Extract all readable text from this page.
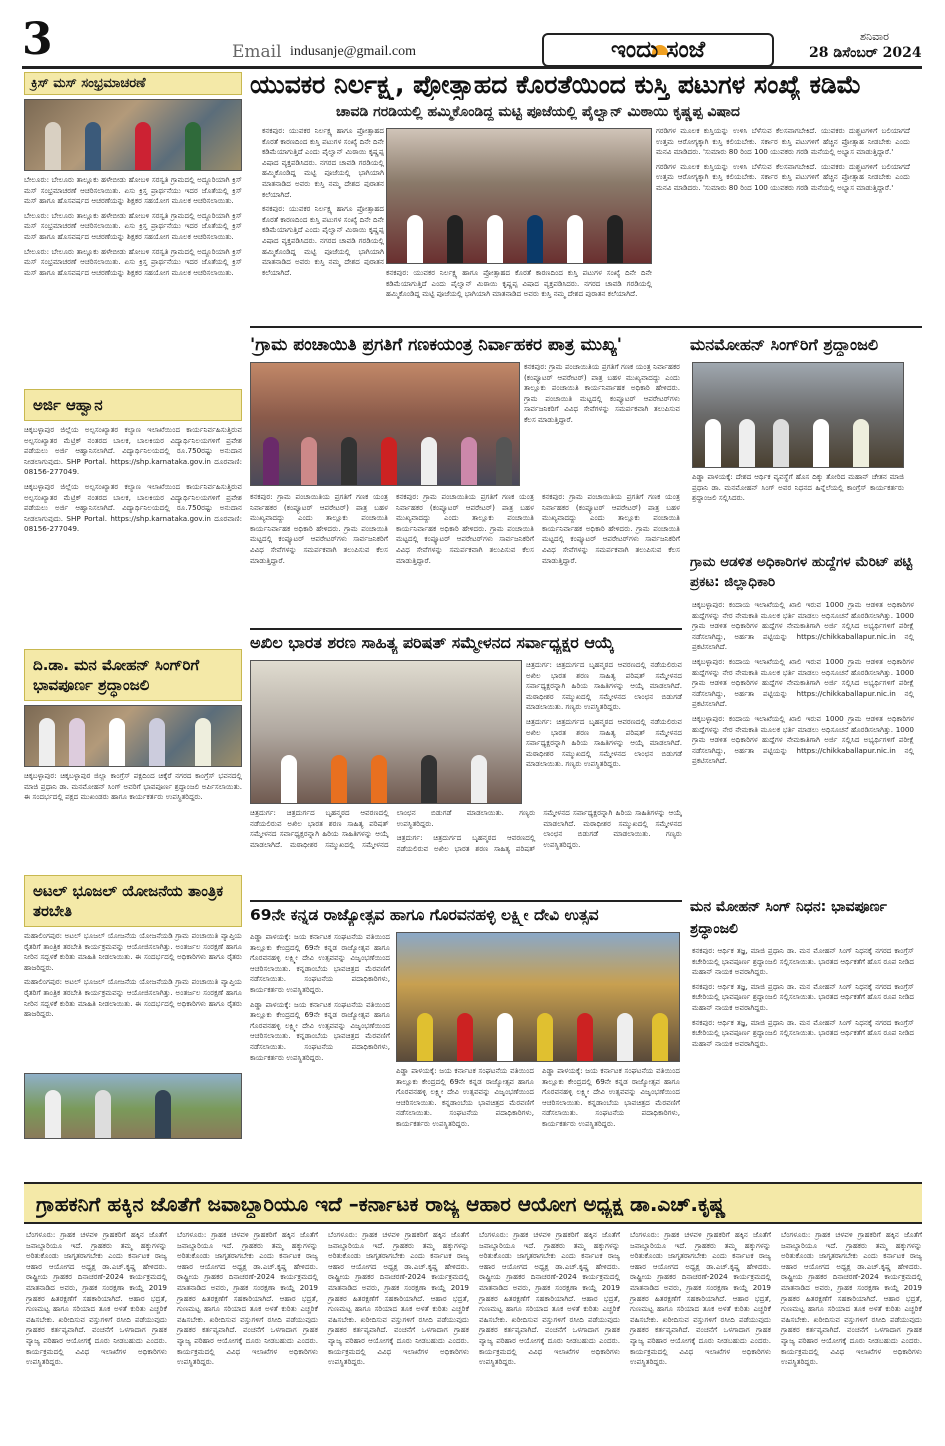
3	Email indusanje@gmail.com	ಇಂದು ಸಂಜೆ
ಶನಿವಾರ
28 ಡಿಸೆಂಬರ್ 2024
ಕ್ರಿಸ್ ಮಸ್ ಸಂಭ್ರಮಾಚರಣೆ

ಬೇಲೂರು: ಬೇಲೂರು ತಾಲ್ಲೂಕು ಹಳೇಬೀಡು ಹೋಬಳಿ ಸರಸ್ವತಿ ಗ್ರಾಮದಲ್ಲಿ ಅದ್ದೂರಿಯಾಗಿ ಕ್ರಿಸ್ ಮಸ್ ಸಂಭ್ರಮಾಚರಣೆ ಆಚರಿಸಲಾಯಿತು. ಏಸು ಕ್ರಿಸ್ತ ಪ್ರಾರ್ಥನೆಯು ಇದರ ಜೊತೆಯಲ್ಲಿ ಕ್ರಿಸ್ ಮಸ್ ಹಾಗೂ ಹೊಸವರ್ಷದ ಆಚರಣೆಯನ್ನು ಶಿಕ್ಷಕರ ಸಹಯೋಗ ಮೂಲಕ ಆಚರಿಸಲಾಯಿತು.

ಬೇಲೂರು: ಬೇಲೂರು ತಾಲ್ಲೂಕು ಹಳೇಬೀಡು ಹೋಬಳಿ ಸರಸ್ವತಿ ಗ್ರಾಮದಲ್ಲಿ ಅದ್ದೂರಿಯಾಗಿ ಕ್ರಿಸ್ ಮಸ್ ಸಂಭ್ರಮಾಚರಣೆ ಆಚರಿಸಲಾಯಿತು. ಏಸು ಕ್ರಿಸ್ತ ಪ್ರಾರ್ಥನೆಯು ಇದರ ಜೊತೆಯಲ್ಲಿ ಕ್ರಿಸ್ ಮಸ್ ಹಾಗೂ ಹೊಸವರ್ಷದ ಆಚರಣೆಯನ್ನು ಶಿಕ್ಷಕರ ಸಹಯೋಗ ಮೂಲಕ ಆಚರಿಸಲಾಯಿತು.

ಬೇಲೂರು: ಬೇಲೂರು ತಾಲ್ಲೂಕು ಹಳೇಬೀಡು ಹೋಬಳಿ ಸರಸ್ವತಿ ಗ್ರಾಮದಲ್ಲಿ ಅದ್ದೂರಿಯಾಗಿ ಕ್ರಿಸ್ ಮಸ್ ಸಂಭ್ರಮಾಚರಣೆ ಆಚರಿಸಲಾಯಿತು. ಏಸು ಕ್ರಿಸ್ತ ಪ್ರಾರ್ಥನೆಯು ಇದರ ಜೊತೆಯಲ್ಲಿ ಕ್ರಿಸ್ ಮಸ್ ಹಾಗೂ ಹೊಸವರ್ಷದ ಆಚರಣೆಯನ್ನು ಶಿಕ್ಷಕರ ಸಹಯೋಗ ಮೂಲಕ ಆಚರಿಸಲಾಯಿತು.

ಅರ್ಜಿ ಆಹ್ವಾನ

ಚಿಕ್ಕಬಳ್ಳಾಪುರ ಜಿಲ್ಲೆಯ ಅಲ್ಪಸಂಖ್ಯಾತರ ಕಲ್ಯಾಣ ಇಲಾಖೆಯಿಂದ ಕಾರ್ಯನಿರ್ವಹಿಸುತ್ತಿರುವ ಅಲ್ಪಸಂಖ್ಯಾತರ ಮೆಟ್ರಿಕ್ ನಂತರದ ಬಾಲಕ, ಬಾಲಕಿಯರ ವಿದ್ಯಾರ್ಥಿನಿಲಯಗಳಿಗೆ ಪ್ರವೇಶ ಪಡೆಯಲು ಅರ್ಜಿ ಆಹ್ವಾನಿಸಲಾಗಿದೆ. ವಿದ್ಯಾರ್ಥಿನಿಲಯದಲ್ಲಿ ರೂ.750ರಷ್ಟು ಅನುದಾನ ನೀಡಲಾಗುವುದು. SHP Portal. https://shp.karnataka.gov.in ದೂರವಾಣಿ: 08156-277049.

ಚಿಕ್ಕಬಳ್ಳಾಪುರ ಜಿಲ್ಲೆಯ ಅಲ್ಪಸಂಖ್ಯಾತರ ಕಲ್ಯಾಣ ಇಲಾಖೆಯಿಂದ ಕಾರ್ಯನಿರ್ವಹಿಸುತ್ತಿರುವ ಅಲ್ಪಸಂಖ್ಯಾತರ ಮೆಟ್ರಿಕ್ ನಂತರದ ಬಾಲಕ, ಬಾಲಕಿಯರ ವಿದ್ಯಾರ್ಥಿನಿಲಯಗಳಿಗೆ ಪ್ರವೇಶ ಪಡೆಯಲು ಅರ್ಜಿ ಆಹ್ವಾನಿಸಲಾಗಿದೆ. ವಿದ್ಯಾರ್ಥಿನಿಲಯದಲ್ಲಿ ರೂ.750ರಷ್ಟು ಅನುದಾನ ನೀಡಲಾಗುವುದು. SHP Portal. https://shp.karnataka.gov.in ದೂರವಾಣಿ: 08156-277049.

ದಿ.ಡಾ. ಮನ ಮೋಹನ್ ಸಿಂಗ್‌ರಿಗೆ ಭಾವಪೂರ್ಣ ಶ್ರದ್ಧಾಂಜಲಿ

ಚಿಕ್ಕಬಳ್ಳಾಪುರ: ಚಿಕ್ಕಬಳ್ಳಾಪುರ ಜಿಲ್ಲಾ ಕಾಂಗ್ರೆಸ್ ಪಕ್ಷದಿಂದ ಚಿಕ್ಕೆರೆ ನಗರದ ಕಾಂಗ್ರೆಸ್ ಭವನದಲ್ಲಿ ಮಾಜಿ ಪ್ರಧಾನಿ ಡಾ. ಮನಮೋಹನ್ ಸಿಂಗ್ ಅವರಿಗೆ ಭಾವಪೂರ್ಣ ಶ್ರದ್ಧಾಂಜಲಿ ಅರ್ಪಿಸಲಾಯಿತು. ಈ ಸಂದರ್ಭದಲ್ಲಿ ಪಕ್ಷದ ಮುಖಂಡರು ಹಾಗೂ ಕಾರ್ಯಕರ್ತರು ಉಪಸ್ಥಿತರಿದ್ದರು.

ಅಟಲ್ ಭೂಜಲ್ ಯೋಜನೆಯ ತಾಂತ್ರಿಕ ತರಬೇತಿ

ಮಹಾಲಿಂಗಪುರ: ಅಟಲ್ ಭೂಜಲ್ ಯೋಜನೆಯ ಯೋಜನೆಯಡಿ ಗ್ರಾಮ ಪಂಚಾಯಿತಿ ವ್ಯಾಪ್ತಿಯ ರೈತರಿಗೆ ತಾಂತ್ರಿಕ ತರಬೇತಿ ಕಾರ್ಯಕ್ರಮವನ್ನು ಆಯೋಜಿಸಲಾಗಿತ್ತು. ಅಂತರ್ಜಲ ಸಂರಕ್ಷಣೆ ಹಾಗೂ ನೀರಿನ ಸದ್ಬಳಕೆ ಕುರಿತು ಮಾಹಿತಿ ನೀಡಲಾಯಿತು. ಈ ಸಂದರ್ಭದಲ್ಲಿ ಅಧಿಕಾರಿಗಳು ಹಾಗೂ ರೈತರು ಹಾಜರಿದ್ದರು.

ಮಹಾಲಿಂಗಪುರ: ಅಟಲ್ ಭೂಜಲ್ ಯೋಜನೆಯ ಯೋಜನೆಯಡಿ ಗ್ರಾಮ ಪಂಚಾಯಿತಿ ವ್ಯಾಪ್ತಿಯ ರೈತರಿಗೆ ತಾಂತ್ರಿಕ ತರಬೇತಿ ಕಾರ್ಯಕ್ರಮವನ್ನು ಆಯೋಜಿಸಲಾಗಿತ್ತು. ಅಂತರ್ಜಲ ಸಂರಕ್ಷಣೆ ಹಾಗೂ ನೀರಿನ ಸದ್ಬಳಕೆ ಕುರಿತು ಮಾಹಿತಿ ನೀಡಲಾಯಿತು. ಈ ಸಂದರ್ಭದಲ್ಲಿ ಅಧಿಕಾರಿಗಳು ಹಾಗೂ ರೈತರು ಹಾಜರಿದ್ದರು.

ಯುವಕರ ನಿರ್ಲಕ್ಷ್ಯ, ಪ್ರೋತ್ಸಾಹದ ಕೊರತೆಯಿಂದ ಕುಸ್ತಿ ಪಟುಗಳ ಸಂಖ್ಯೆ ಕಡಿಮೆ
ಚಾವಡಿ ಗರಡಿಯಲ್ಲಿ ಹಮ್ಮಿಕೊಂಡಿದ್ದ ಮಟ್ಟಿ ಪೂಜೆಯಲ್ಲಿ ಪೈಲ್ವಾನ್ ಮಿಠಾಯಿ ಕೃಷ್ಣಪ್ಪ ವಿಷಾದ

ಕನಕಪುರ: ಯುವಕರ ನಿರ್ಲಕ್ಷ್ಯ ಹಾಗೂ ಪ್ರೋತ್ಸಾಹದ ಕೊರತೆ ಕಾರಣದಿಂದ ಕುಸ್ತಿ ಪಟುಗಳ ಸಂಖ್ಯೆ ದಿನೇ ದಿನೇ ಕಡಿಮೆಯಾಗುತ್ತಿದೆ ಎಂದು ಪೈಲ್ವಾನ್ ಮಿಠಾಯಿ ಕೃಷ್ಣಪ್ಪ ವಿಷಾದ ವ್ಯಕ್ತಪಡಿಸಿದರು. ನಗರದ ಚಾವಡಿ ಗರಡಿಯಲ್ಲಿ ಹಮ್ಮಿಕೊಂಡಿದ್ದ ಮಟ್ಟಿ ಪೂಜೆಯಲ್ಲಿ ಭಾಗಿಯಾಗಿ ಮಾತನಾಡಿದ ಅವರು ಕುಸ್ತಿ ನಮ್ಮ ದೇಶದ ಪುರಾತನ ಕಲೆಯಾಗಿದೆ.

ಕನಕಪುರ: ಯುವಕರ ನಿರ್ಲಕ್ಷ್ಯ ಹಾಗೂ ಪ್ರೋತ್ಸಾಹದ ಕೊರತೆ ಕಾರಣದಿಂದ ಕುಸ್ತಿ ಪಟುಗಳ ಸಂಖ್ಯೆ ದಿನೇ ದಿನೇ ಕಡಿಮೆಯಾಗುತ್ತಿದೆ ಎಂದು ಪೈಲ್ವಾನ್ ಮಿಠಾಯಿ ಕೃಷ್ಣಪ್ಪ ವಿಷಾದ ವ್ಯಕ್ತಪಡಿಸಿದರು. ನಗರದ ಚಾವಡಿ ಗರಡಿಯಲ್ಲಿ ಹಮ್ಮಿಕೊಂಡಿದ್ದ ಮಟ್ಟಿ ಪೂಜೆಯಲ್ಲಿ ಭಾಗಿಯಾಗಿ ಮಾತನಾಡಿದ ಅವರು ಕುಸ್ತಿ ನಮ್ಮ ದೇಶದ ಪುರಾತನ ಕಲೆಯಾಗಿದೆ.	ಕನಕಪುರ: ಯುವಕರ ನಿರ್ಲಕ್ಷ್ಯ ಹಾಗೂ ಪ್ರೋತ್ಸಾಹದ ಕೊರತೆ ಕಾರಣದಿಂದ ಕುಸ್ತಿ ಪಟುಗಳ ಸಂಖ್ಯೆ ದಿನೇ ದಿನೇ ಕಡಿಮೆಯಾಗುತ್ತಿದೆ ಎಂದು ಪೈಲ್ವಾನ್ ಮಿಠಾಯಿ ಕೃಷ್ಣಪ್ಪ ವಿಷಾದ ವ್ಯಕ್ತಪಡಿಸಿದರು. ನಗರದ ಚಾವಡಿ ಗರಡಿಯಲ್ಲಿ ಹಮ್ಮಿಕೊಂಡಿದ್ದ ಮಟ್ಟಿ ಪೂಜೆಯಲ್ಲಿ ಭಾಗಿಯಾಗಿ ಮಾತನಾಡಿದ ಅವರು ಕುಸ್ತಿ ನಮ್ಮ ದೇಶದ ಪುರಾತನ ಕಲೆಯಾಗಿದೆ.

ಗರಡಿಗಳ ಮೂಲಕ ಕುಸ್ತಿಯನ್ನು ಉಳಿಸಿ ಬೆಳೆಸುವ ಕೆಲಸವಾಗಬೇಕಿದೆ. ಯುವಕರು ದುಶ್ಚಟಗಳಿಗೆ ಬಲಿಯಾಗದೆ ಉತ್ತಮ ಆರೋಗ್ಯಕ್ಕಾಗಿ ಕುಸ್ತಿ ಕಲಿಯಬೇಕು. ಸರ್ಕಾರ ಕುಸ್ತಿ ಪಟುಗಳಿಗೆ ಹೆಚ್ಚಿನ ಪ್ರೋತ್ಸಾಹ ನೀಡಬೇಕು ಎಂದು ಮನವಿ ಮಾಡಿದರು. 'ಸುಮಾರು 80 ರಿಂದ 100 ಯುವಕರು ಗರಡಿ ಮನೆಯಲ್ಲಿ ಅಭ್ಯಾಸ ಮಾಡುತ್ತಿದ್ದಾರೆ.'

ಗರಡಿಗಳ ಮೂಲಕ ಕುಸ್ತಿಯನ್ನು ಉಳಿಸಿ ಬೆಳೆಸುವ ಕೆಲಸವಾಗಬೇಕಿದೆ. ಯುವಕರು ದುಶ್ಚಟಗಳಿಗೆ ಬಲಿಯಾಗದೆ ಉತ್ತಮ ಆರೋಗ್ಯಕ್ಕಾಗಿ ಕುಸ್ತಿ ಕಲಿಯಬೇಕು. ಸರ್ಕಾರ ಕುಸ್ತಿ ಪಟುಗಳಿಗೆ ಹೆಚ್ಚಿನ ಪ್ರೋತ್ಸಾಹ ನೀಡಬೇಕು ಎಂದು ಮನವಿ ಮಾಡಿದರು. 'ಸುಮಾರು 80 ರಿಂದ 100 ಯುವಕರು ಗರಡಿ ಮನೆಯಲ್ಲಿ ಅಭ್ಯಾಸ ಮಾಡುತ್ತಿದ್ದಾರೆ.'

'ಗ್ರಾಮ ಪಂಚಾಯಿತಿ ಪ್ರಗತಿಗೆ ಗಣಕಯಂತ್ರ ನಿರ್ವಾಹಕರ ಪಾತ್ರ ಮುಖ್ಯ'

ಕನಕಪುರ: ಗ್ರಾಮ ಪಂಚಾಯಿತಿಯ ಪ್ರಗತಿಗೆ ಗಣಕ ಯಂತ್ರ ನಿರ್ವಾಹಕರ (ಕಂಪ್ಯೂಟರ್ ಆಪರೇಟರ್) ಪಾತ್ರ ಬಹಳ ಮುಖ್ಯವಾದದ್ದು ಎಂದು ತಾಲ್ಲೂಕು ಪಂಚಾಯಿತಿ ಕಾರ್ಯನಿರ್ವಾಹಕ ಅಧಿಕಾರಿ ಹೇಳಿದರು. ಗ್ರಾಮ ಪಂಚಾಯಿತಿ ಮಟ್ಟದಲ್ಲಿ ಕಂಪ್ಯೂಟರ್ ಆಪರೇಟರ್‌ಗಳು ಸಾರ್ವಜನಿಕರಿಗೆ ವಿವಿಧ ಸೇವೆಗಳನ್ನು ಸಮರ್ಪಕವಾಗಿ ತಲುಪಿಸುವ ಕೆಲಸ ಮಾಡುತ್ತಿದ್ದಾರೆ.

ಕನಕಪುರ: ಗ್ರಾಮ ಪಂಚಾಯಿತಿಯ ಪ್ರಗತಿಗೆ ಗಣಕ ಯಂತ್ರ ನಿರ್ವಾಹಕರ (ಕಂಪ್ಯೂಟರ್ ಆಪರೇಟರ್) ಪಾತ್ರ ಬಹಳ ಮುಖ್ಯವಾದದ್ದು ಎಂದು ತಾಲ್ಲೂಕು ಪಂಚಾಯಿತಿ ಕಾರ್ಯನಿರ್ವಾಹಕ ಅಧಿಕಾರಿ ಹೇಳಿದರು. ಗ್ರಾಮ ಪಂಚಾಯಿತಿ ಮಟ್ಟದಲ್ಲಿ ಕಂಪ್ಯೂಟರ್ ಆಪರೇಟರ್‌ಗಳು ಸಾರ್ವಜನಿಕರಿಗೆ ವಿವಿಧ ಸೇವೆಗಳನ್ನು ಸಮರ್ಪಕವಾಗಿ ತಲುಪಿಸುವ ಕೆಲಸ ಮಾಡುತ್ತಿದ್ದಾರೆ.

ಕನಕಪುರ: ಗ್ರಾಮ ಪಂಚಾಯಿತಿಯ ಪ್ರಗತಿಗೆ ಗಣಕ ಯಂತ್ರ ನಿರ್ವಾಹಕರ (ಕಂಪ್ಯೂಟರ್ ಆಪರೇಟರ್) ಪಾತ್ರ ಬಹಳ ಮುಖ್ಯವಾದದ್ದು ಎಂದು ತಾಲ್ಲೂಕು ಪಂಚಾಯಿತಿ ಕಾರ್ಯನಿರ್ವಾಹಕ ಅಧಿಕಾರಿ ಹೇಳಿದರು. ಗ್ರಾಮ ಪಂಚಾಯಿತಿ ಮಟ್ಟದಲ್ಲಿ ಕಂಪ್ಯೂಟರ್ ಆಪರೇಟರ್‌ಗಳು ಸಾರ್ವಜನಿಕರಿಗೆ ವಿವಿಧ ಸೇವೆಗಳನ್ನು ಸಮರ್ಪಕವಾಗಿ ತಲುಪಿಸುವ ಕೆಲಸ ಮಾಡುತ್ತಿದ್ದಾರೆ.

ಕನಕಪುರ: ಗ್ರಾಮ ಪಂಚಾಯಿತಿಯ ಪ್ರಗತಿಗೆ ಗಣಕ ಯಂತ್ರ ನಿರ್ವಾಹಕರ (ಕಂಪ್ಯೂಟರ್ ಆಪರೇಟರ್) ಪಾತ್ರ ಬಹಳ ಮುಖ್ಯವಾದದ್ದು ಎಂದು ತಾಲ್ಲೂಕು ಪಂಚಾಯಿತಿ ಕಾರ್ಯನಿರ್ವಾಹಕ ಅಧಿಕಾರಿ ಹೇಳಿದರು. ಗ್ರಾಮ ಪಂಚಾಯಿತಿ ಮಟ್ಟದಲ್ಲಿ ಕಂಪ್ಯೂಟರ್ ಆಪರೇಟರ್‌ಗಳು ಸಾರ್ವಜನಿಕರಿಗೆ ವಿವಿಧ ಸೇವೆಗಳನ್ನು ಸಮರ್ಪಕವಾಗಿ ತಲುಪಿಸುವ ಕೆಲಸ ಮಾಡುತ್ತಿದ್ದಾರೆ.

ಮನಮೋಹನ್ ಸಿಂಗ್‌ರಿಗೆ ಶ್ರದ್ಧಾಂಜಲಿ

ಪಿಡ್ಡಾ ಪಾಳಯಕ್ಕೆ: ದೇಶದ ಆರ್ಥಿಕ ವ್ಯವಸ್ಥೆಗೆ ಹೊಸ ದಿಕ್ಕು ತೋರಿದ ಮಹಾನ್ ಚೇತನ ಮಾಜಿ ಪ್ರಧಾನಿ ಡಾ. ಮನಮೋಹನ್ ಸಿಂಗ್ ಅವರ ನಿಧನದ ಹಿನ್ನೆಲೆಯಲ್ಲಿ ಕಾಂಗ್ರೆಸ್ ಕಾರ್ಯಕರ್ತರು ಶ್ರದ್ಧಾಂಜಲಿ ಸಲ್ಲಿಸಿದರು.

ಗ್ರಾಮ ಆಡಳಿತ ಅಧಿಕಾರಿಗಳ ಹುದ್ದೆಗಳ ಮೆರಿಟ್ ಪಟ್ಟಿ ಪ್ರಕಟ: ಜಿಲ್ಲಾಧಿಕಾರಿ

ಚಿಕ್ಕಬಳ್ಳಾಪುರ: ಕಂದಾಯ ಇಲಾಖೆಯಲ್ಲಿ ಖಾಲಿ ಇರುವ 1000 ಗ್ರಾಮ ಆಡಳಿತ ಅಧಿಕಾರಿಗಳ ಹುದ್ದೆಗಳನ್ನು ನೇರ ನೇಮಕಾತಿ ಮೂಲಕ ಭರ್ತಿ ಮಾಡಲು ಅಧಿಸೂಚನೆ ಹೊರಡಿಸಲಾಗಿತ್ತು. 1000 ಗ್ರಾಮ ಆಡಳಿತ ಅಧಿಕಾರಿಗಳ ಹುದ್ದೆಗಳ ನೇಮಕಾತಿಗಾಗಿ ಅರ್ಜಿ ಸಲ್ಲಿಸಿದ ಅಭ್ಯರ್ಥಿಗಳಿಗೆ ಪರೀಕ್ಷೆ ನಡೆಸಲಾಗಿದ್ದು, ಅರ್ಹತಾ ಪಟ್ಟಿಯನ್ನು https://chikkaballapur.nic.in ನಲ್ಲಿ ಪ್ರಕಟಿಸಲಾಗಿದೆ.

ಚಿಕ್ಕಬಳ್ಳಾಪುರ: ಕಂದಾಯ ಇಲಾಖೆಯಲ್ಲಿ ಖಾಲಿ ಇರುವ 1000 ಗ್ರಾಮ ಆಡಳಿತ ಅಧಿಕಾರಿಗಳ ಹುದ್ದೆಗಳನ್ನು ನೇರ ನೇಮಕಾತಿ ಮೂಲಕ ಭರ್ತಿ ಮಾಡಲು ಅಧಿಸೂಚನೆ ಹೊರಡಿಸಲಾಗಿತ್ತು. 1000 ಗ್ರಾಮ ಆಡಳಿತ ಅಧಿಕಾರಿಗಳ ಹುದ್ದೆಗಳ ನೇಮಕಾತಿಗಾಗಿ ಅರ್ಜಿ ಸಲ್ಲಿಸಿದ ಅಭ್ಯರ್ಥಿಗಳಿಗೆ ಪರೀಕ್ಷೆ ನಡೆಸಲಾಗಿದ್ದು, ಅರ್ಹತಾ ಪಟ್ಟಿಯನ್ನು https://chikkaballapur.nic.in ನಲ್ಲಿ ಪ್ರಕಟಿಸಲಾಗಿದೆ.

ಚಿಕ್ಕಬಳ್ಳಾಪುರ: ಕಂದಾಯ ಇಲಾಖೆಯಲ್ಲಿ ಖಾಲಿ ಇರುವ 1000 ಗ್ರಾಮ ಆಡಳಿತ ಅಧಿಕಾರಿಗಳ ಹುದ್ದೆಗಳನ್ನು ನೇರ ನೇಮಕಾತಿ ಮೂಲಕ ಭರ್ತಿ ಮಾಡಲು ಅಧಿಸೂಚನೆ ಹೊರಡಿಸಲಾಗಿತ್ತು. 1000 ಗ್ರಾಮ ಆಡಳಿತ ಅಧಿಕಾರಿಗಳ ಹುದ್ದೆಗಳ ನೇಮಕಾತಿಗಾಗಿ ಅರ್ಜಿ ಸಲ್ಲಿಸಿದ ಅಭ್ಯರ್ಥಿಗಳಿಗೆ ಪರೀಕ್ಷೆ ನಡೆಸಲಾಗಿದ್ದು, ಅರ್ಹತಾ ಪಟ್ಟಿಯನ್ನು https://chikkaballapur.nic.in ನಲ್ಲಿ ಪ್ರಕಟಿಸಲಾಗಿದೆ.

ಮನ ಮೋಹನ್ ಸಿಂಗ್ ನಿಧನ: ಭಾವಪೂರ್ಣ ಶ್ರದ್ಧಾಂಜಲಿ

ಕನಕಪುರ: ಆರ್ಥಿಕ ತಜ್ಞ, ಮಾಜಿ ಪ್ರಧಾನಿ ಡಾ. ಮನ ಮೋಹನ್ ಸಿಂಗ್ ನಿಧನಕ್ಕೆ ನಗರದ ಕಾಂಗ್ರೆಸ್ ಕಚೇರಿಯಲ್ಲಿ ಭಾವಪೂರ್ಣ ಶ್ರದ್ಧಾಂಜಲಿ ಸಲ್ಲಿಸಲಾಯಿತು. ಭಾರತದ ಆರ್ಥಿಕತೆಗೆ ಹೊಸ ರೂಪ ನೀಡಿದ ಮಹಾನ್ ನಾಯಕ ಅವರಾಗಿದ್ದರು.

ಕನಕಪುರ: ಆರ್ಥಿಕ ತಜ್ಞ, ಮಾಜಿ ಪ್ರಧಾನಿ ಡಾ. ಮನ ಮೋಹನ್ ಸಿಂಗ್ ನಿಧನಕ್ಕೆ ನಗರದ ಕಾಂಗ್ರೆಸ್ ಕಚೇರಿಯಲ್ಲಿ ಭಾವಪೂರ್ಣ ಶ್ರದ್ಧಾಂಜಲಿ ಸಲ್ಲಿಸಲಾಯಿತು. ಭಾರತದ ಆರ್ಥಿಕತೆಗೆ ಹೊಸ ರೂಪ ನೀಡಿದ ಮಹಾನ್ ನಾಯಕ ಅವರಾಗಿದ್ದರು.

ಕನಕಪುರ: ಆರ್ಥಿಕ ತಜ್ಞ, ಮಾಜಿ ಪ್ರಧಾನಿ ಡಾ. ಮನ ಮೋಹನ್ ಸಿಂಗ್ ನಿಧನಕ್ಕೆ ನಗರದ ಕಾಂಗ್ರೆಸ್ ಕಚೇರಿಯಲ್ಲಿ ಭಾವಪೂರ್ಣ ಶ್ರದ್ಧಾಂಜಲಿ ಸಲ್ಲಿಸಲಾಯಿತು. ಭಾರತದ ಆರ್ಥಿಕತೆಗೆ ಹೊಸ ರೂಪ ನೀಡಿದ ಮಹಾನ್ ನಾಯಕ ಅವರಾಗಿದ್ದರು.

ಅಖಿಲ ಭಾರತ ಶರಣ ಸಾಹಿತ್ಯ ಪರಿಷತ್ ಸಮ್ಮೇಳನದ ಸರ್ವಾಧ್ಯಕ್ಷರ ಆಯ್ಕೆ

ಚಿತ್ರದುರ್ಗ: ಚಿತ್ರದುರ್ಗದ ಬೃಹನ್ಮಠದ ಆವರಣದಲ್ಲಿ ನಡೆಯಲಿರುವ ಅಖಿಲ ಭಾರತ ಶರಣ ಸಾಹಿತ್ಯ ಪರಿಷತ್ ಸಮ್ಮೇಳನದ ಸರ್ವಾಧ್ಯಕ್ಷರನ್ನಾಗಿ ಹಿರಿಯ ಸಾಹಿತಿಗಳನ್ನು ಆಯ್ಕೆ ಮಾಡಲಾಗಿದೆ. ಮಠಾಧೀಶರ ಸಮ್ಮುಖದಲ್ಲಿ ಸಮ್ಮೇಳನದ ಲಾಂಛನ ಬಿಡುಗಡೆ ಮಾಡಲಾಯಿತು. ಗಣ್ಯರು ಉಪಸ್ಥಿತರಿದ್ದರು.

ಚಿತ್ರದುರ್ಗ: ಚಿತ್ರದುರ್ಗದ ಬೃಹನ್ಮಠದ ಆವರಣದಲ್ಲಿ ನಡೆಯಲಿರುವ ಅಖಿಲ ಭಾರತ ಶರಣ ಸಾಹಿತ್ಯ ಪರಿಷತ್ ಸಮ್ಮೇಳನದ ಸರ್ವಾಧ್ಯಕ್ಷರನ್ನಾಗಿ ಹಿರಿಯ ಸಾಹಿತಿಗಳನ್ನು ಆಯ್ಕೆ ಮಾಡಲಾಗಿದೆ. ಮಠಾಧೀಶರ ಸಮ್ಮುಖದಲ್ಲಿ ಸಮ್ಮೇಳನದ ಲಾಂಛನ ಬಿಡುಗಡೆ ಮಾಡಲಾಯಿತು. ಗಣ್ಯರು ಉಪಸ್ಥಿತರಿದ್ದರು.

ಚಿತ್ರದುರ್ಗ: ಚಿತ್ರದುರ್ಗದ ಬೃಹನ್ಮಠದ ಆವರಣದಲ್ಲಿ ನಡೆಯಲಿರುವ ಅಖಿಲ ಭಾರತ ಶರಣ ಸಾಹಿತ್ಯ ಪರಿಷತ್ ಸಮ್ಮೇಳನದ ಸರ್ವಾಧ್ಯಕ್ಷರನ್ನಾಗಿ ಹಿರಿಯ ಸಾಹಿತಿಗಳನ್ನು ಆಯ್ಕೆ ಮಾಡಲಾಗಿದೆ. ಮಠಾಧೀಶರ ಸಮ್ಮುಖದಲ್ಲಿ ಸಮ್ಮೇಳನದ ಲಾಂಛನ ಬಿಡುಗಡೆ ಮಾಡಲಾಯಿತು. ಗಣ್ಯರು ಉಪಸ್ಥಿತರಿದ್ದರು.

ಚಿತ್ರದುರ್ಗ: ಚಿತ್ರದುರ್ಗದ ಬೃಹನ್ಮಠದ ಆವರಣದಲ್ಲಿ ನಡೆಯಲಿರುವ ಅಖಿಲ ಭಾರತ ಶರಣ ಸಾಹಿತ್ಯ ಪರಿಷತ್ ಸಮ್ಮೇಳನದ ಸರ್ವಾಧ್ಯಕ್ಷರನ್ನಾಗಿ ಹಿರಿಯ ಸಾಹಿತಿಗಳನ್ನು ಆಯ್ಕೆ ಮಾಡಲಾಗಿದೆ. ಮಠಾಧೀಶರ ಸಮ್ಮುಖದಲ್ಲಿ ಸಮ್ಮೇಳನದ ಲಾಂಛನ ಬಿಡುಗಡೆ ಮಾಡಲಾಯಿತು. ಗಣ್ಯರು ಉಪಸ್ಥಿತರಿದ್ದರು.

69ನೇ ಕನ್ನಡ ರಾಜ್ಯೋತ್ಸವ ಹಾಗೂ ಗೊರವನಹಳ್ಳಿ ಲಕ್ಷ್ಮೀ ದೇವಿ ಉತ್ಸವ

ಪಿಡ್ಡಾ ಪಾಳಯಕ್ಕೆ: ಜಯ ಕರ್ನಾಟಕ ಸಂಘಟನೆಯ ವತಿಯಿಂದ ತಾಲ್ಲೂಕು ಕೇಂದ್ರದಲ್ಲಿ 69ನೇ ಕನ್ನಡ ರಾಜ್ಯೋತ್ಸವ ಹಾಗೂ ಗೊರವನಹಳ್ಳಿ ಲಕ್ಷ್ಮೀ ದೇವಿ ಉತ್ಸವವನ್ನು ವಿಜೃಂಭಣೆಯಿಂದ ಆಚರಿಸಲಾಯಿತು. ಕನ್ನಡಾಂಬೆಯ ಭಾವಚಿತ್ರದ ಮೆರವಣಿಗೆ ನಡೆಸಲಾಯಿತು. ಸಂಘಟನೆಯ ಪದಾಧಿಕಾರಿಗಳು, ಕಾರ್ಯಕರ್ತರು ಉಪಸ್ಥಿತರಿದ್ದರು.

ಪಿಡ್ಡಾ ಪಾಳಯಕ್ಕೆ: ಜಯ ಕರ್ನಾಟಕ ಸಂಘಟನೆಯ ವತಿಯಿಂದ ತಾಲ್ಲೂಕು ಕೇಂದ್ರದಲ್ಲಿ 69ನೇ ಕನ್ನಡ ರಾಜ್ಯೋತ್ಸವ ಹಾಗೂ ಗೊರವನಹಳ್ಳಿ ಲಕ್ಷ್ಮೀ ದೇವಿ ಉತ್ಸವವನ್ನು ವಿಜೃಂಭಣೆಯಿಂದ ಆಚರಿಸಲಾಯಿತು. ಕನ್ನಡಾಂಬೆಯ ಭಾವಚಿತ್ರದ ಮೆರವಣಿಗೆ ನಡೆಸಲಾಯಿತು. ಸಂಘಟನೆಯ ಪದಾಧಿಕಾರಿಗಳು, ಕಾರ್ಯಕರ್ತರು ಉಪಸ್ಥಿತರಿದ್ದರು.

ಪಿಡ್ಡಾ ಪಾಳಯಕ್ಕೆ: ಜಯ ಕರ್ನಾಟಕ ಸಂಘಟನೆಯ ವತಿಯಿಂದ ತಾಲ್ಲೂಕು ಕೇಂದ್ರದಲ್ಲಿ 69ನೇ ಕನ್ನಡ ರಾಜ್ಯೋತ್ಸವ ಹಾಗೂ ಗೊರವನಹಳ್ಳಿ ಲಕ್ಷ್ಮೀ ದೇವಿ ಉತ್ಸವವನ್ನು ವಿಜೃಂಭಣೆಯಿಂದ ಆಚರಿಸಲಾಯಿತು. ಕನ್ನಡಾಂಬೆಯ ಭಾವಚಿತ್ರದ ಮೆರವಣಿಗೆ ನಡೆಸಲಾಯಿತು. ಸಂಘಟನೆಯ ಪದಾಧಿಕಾರಿಗಳು, ಕಾರ್ಯಕರ್ತರು ಉಪಸ್ಥಿತರಿದ್ದರು.

ಪಿಡ್ಡಾ ಪಾಳಯಕ್ಕೆ: ಜಯ ಕರ್ನಾಟಕ ಸಂಘಟನೆಯ ವತಿಯಿಂದ ತಾಲ್ಲೂಕು ಕೇಂದ್ರದಲ್ಲಿ 69ನೇ ಕನ್ನಡ ರಾಜ್ಯೋತ್ಸವ ಹಾಗೂ ಗೊರವನಹಳ್ಳಿ ಲಕ್ಷ್ಮೀ ದೇವಿ ಉತ್ಸವವನ್ನು ವಿಜೃಂಭಣೆಯಿಂದ ಆಚರಿಸಲಾಯಿತು. ಕನ್ನಡಾಂಬೆಯ ಭಾವಚಿತ್ರದ ಮೆರವಣಿಗೆ ನಡೆಸಲಾಯಿತು. ಸಂಘಟನೆಯ ಪದಾಧಿಕಾರಿಗಳು, ಕಾರ್ಯಕರ್ತರು ಉಪಸ್ಥಿತರಿದ್ದರು.

ಗ್ರಾಹಕನಿಗೆ ಹಕ್ಕಿನ ಜೊತೆಗೆ ಜವಾಬ್ದಾರಿಯೂ ಇದೆ –ಕರ್ನಾಟಕ ರಾಜ್ಯ ಆಹಾರ ಆಯೋಗ ಅಧ್ಯಕ್ಷ ಡಾ.ಎಚ್.ಕೃಷ್ಣ

ಬೆಂಗಳೂರು: ಗ್ರಾಹಕ ಚಳವಳಿ ಗ್ರಾಹಕರಿಗೆ ಹಕ್ಕಿನ ಜೊತೆಗೆ ಜವಾಬ್ದಾರಿಯೂ ಇದೆ. ಗ್ರಾಹಕರು ತಮ್ಮ ಹಕ್ಕುಗಳನ್ನು ಅರಿತುಕೊಂಡು ಜಾಗೃತರಾಗಬೇಕು ಎಂದು ಕರ್ನಾಟಕ ರಾಜ್ಯ ಆಹಾರ ಆಯೋಗದ ಅಧ್ಯಕ್ಷ ಡಾ.ಎಚ್.ಕೃಷ್ಣ ಹೇಳಿದರು. ರಾಷ್ಟ್ರೀಯ ಗ್ರಾಹಕರ ದಿನಾಚರಣೆ-2024 ಕಾರ್ಯಕ್ರಮದಲ್ಲಿ ಮಾತನಾಡಿದ ಅವರು, ಗ್ರಾಹಕ ಸಂರಕ್ಷಣಾ ಕಾಯ್ದೆ 2019 ಗ್ರಾಹಕರ ಹಿತರಕ್ಷಣೆಗೆ ಸಹಕಾರಿಯಾಗಿದೆ. ಆಹಾರ ಭದ್ರತೆ, ಗುಣಮಟ್ಟ ಹಾಗೂ ಸರಿಯಾದ ತೂಕ ಅಳತೆ ಕುರಿತು ಎಚ್ಚರಿಕೆ ವಹಿಸಬೇಕು. ಖರೀದಿಸುವ ವಸ್ತುಗಳಿಗೆ ರಸೀದಿ ಪಡೆಯುವುದು ಗ್ರಾಹಕರ ಕರ್ತವ್ಯವಾಗಿದೆ. ವಂಚನೆಗೆ ಒಳಗಾದಾಗ ಗ್ರಾಹಕ ವ್ಯಾಜ್ಯ ಪರಿಹಾರ ಆಯೋಗಕ್ಕೆ ದೂರು ನೀಡಬಹುದು ಎಂದರು. ಕಾರ್ಯಕ್ರಮದಲ್ಲಿ ವಿವಿಧ ಇಲಾಖೆಗಳ ಅಧಿಕಾರಿಗಳು ಉಪಸ್ಥಿತರಿದ್ದರು.

ಬೆಂಗಳೂರು: ಗ್ರಾಹಕ ಚಳವಳಿ ಗ್ರಾಹಕರಿಗೆ ಹಕ್ಕಿನ ಜೊತೆಗೆ ಜವಾಬ್ದಾರಿಯೂ ಇದೆ. ಗ್ರಾಹಕರು ತಮ್ಮ ಹಕ್ಕುಗಳನ್ನು ಅರಿತುಕೊಂಡು ಜಾಗೃತರಾಗಬೇಕು ಎಂದು ಕರ್ನಾಟಕ ರಾಜ್ಯ ಆಹಾರ ಆಯೋಗದ ಅಧ್ಯಕ್ಷ ಡಾ.ಎಚ್.ಕೃಷ್ಣ ಹೇಳಿದರು. ರಾಷ್ಟ್ರೀಯ ಗ್ರಾಹಕರ ದಿನಾಚರಣೆ-2024 ಕಾರ್ಯಕ್ರಮದಲ್ಲಿ ಮಾತನಾಡಿದ ಅವರು, ಗ್ರಾಹಕ ಸಂರಕ್ಷಣಾ ಕಾಯ್ದೆ 2019 ಗ್ರಾಹಕರ ಹಿತರಕ್ಷಣೆಗೆ ಸಹಕಾರಿಯಾಗಿದೆ. ಆಹಾರ ಭದ್ರತೆ, ಗುಣಮಟ್ಟ ಹಾಗೂ ಸರಿಯಾದ ತೂಕ ಅಳತೆ ಕುರಿತು ಎಚ್ಚರಿಕೆ ವಹಿಸಬೇಕು. ಖರೀದಿಸುವ ವಸ್ತುಗಳಿಗೆ ರಸೀದಿ ಪಡೆಯುವುದು ಗ್ರಾಹಕರ ಕರ್ತವ್ಯವಾಗಿದೆ. ವಂಚನೆಗೆ ಒಳಗಾದಾಗ ಗ್ರಾಹಕ ವ್ಯಾಜ್ಯ ಪರಿಹಾರ ಆಯೋಗಕ್ಕೆ ದೂರು ನೀಡಬಹುದು ಎಂದರು. ಕಾರ್ಯಕ್ರಮದಲ್ಲಿ ವಿವಿಧ ಇಲಾಖೆಗಳ ಅಧಿಕಾರಿಗಳು ಉಪಸ್ಥಿತರಿದ್ದರು.

ಬೆಂಗಳೂರು: ಗ್ರಾಹಕ ಚಳವಳಿ ಗ್ರಾಹಕರಿಗೆ ಹಕ್ಕಿನ ಜೊತೆಗೆ ಜವಾಬ್ದಾರಿಯೂ ಇದೆ. ಗ್ರಾಹಕರು ತಮ್ಮ ಹಕ್ಕುಗಳನ್ನು ಅರಿತುಕೊಂಡು ಜಾಗೃತರಾಗಬೇಕು ಎಂದು ಕರ್ನಾಟಕ ರಾಜ್ಯ ಆಹಾರ ಆಯೋಗದ ಅಧ್ಯಕ್ಷ ಡಾ.ಎಚ್.ಕೃಷ್ಣ ಹೇಳಿದರು. ರಾಷ್ಟ್ರೀಯ ಗ್ರಾಹಕರ ದಿನಾಚರಣೆ-2024 ಕಾರ್ಯಕ್ರಮದಲ್ಲಿ ಮಾತನಾಡಿದ ಅವರು, ಗ್ರಾಹಕ ಸಂರಕ್ಷಣಾ ಕಾಯ್ದೆ 2019 ಗ್ರಾಹಕರ ಹಿತರಕ್ಷಣೆಗೆ ಸಹಕಾರಿಯಾಗಿದೆ. ಆಹಾರ ಭದ್ರತೆ, ಗುಣಮಟ್ಟ ಹಾಗೂ ಸರಿಯಾದ ತೂಕ ಅಳತೆ ಕುರಿತು ಎಚ್ಚರಿಕೆ ವಹಿಸಬೇಕು. ಖರೀದಿಸುವ ವಸ್ತುಗಳಿಗೆ ರಸೀದಿ ಪಡೆಯುವುದು ಗ್ರಾಹಕರ ಕರ್ತವ್ಯವಾಗಿದೆ. ವಂಚನೆಗೆ ಒಳಗಾದಾಗ ಗ್ರಾಹಕ ವ್ಯಾಜ್ಯ ಪರಿಹಾರ ಆಯೋಗಕ್ಕೆ ದೂರು ನೀಡಬಹುದು ಎಂದರು. ಕಾರ್ಯಕ್ರಮದಲ್ಲಿ ವಿವಿಧ ಇಲಾಖೆಗಳ ಅಧಿಕಾರಿಗಳು ಉಪಸ್ಥಿತರಿದ್ದರು.

ಬೆಂಗಳೂರು: ಗ್ರಾಹಕ ಚಳವಳಿ ಗ್ರಾಹಕರಿಗೆ ಹಕ್ಕಿನ ಜೊತೆಗೆ ಜವಾಬ್ದಾರಿಯೂ ಇದೆ. ಗ್ರಾಹಕರು ತಮ್ಮ ಹಕ್ಕುಗಳನ್ನು ಅರಿತುಕೊಂಡು ಜಾಗೃತರಾಗಬೇಕು ಎಂದು ಕರ್ನಾಟಕ ರಾಜ್ಯ ಆಹಾರ ಆಯೋಗದ ಅಧ್ಯಕ್ಷ ಡಾ.ಎಚ್.ಕೃಷ್ಣ ಹೇಳಿದರು. ರಾಷ್ಟ್ರೀಯ ಗ್ರಾಹಕರ ದಿನಾಚರಣೆ-2024 ಕಾರ್ಯಕ್ರಮದಲ್ಲಿ ಮಾತನಾಡಿದ ಅವರು, ಗ್ರಾಹಕ ಸಂರಕ್ಷಣಾ ಕಾಯ್ದೆ 2019 ಗ್ರಾಹಕರ ಹಿತರಕ್ಷಣೆಗೆ ಸಹಕಾರಿಯಾಗಿದೆ. ಆಹಾರ ಭದ್ರತೆ, ಗುಣಮಟ್ಟ ಹಾಗೂ ಸರಿಯಾದ ತೂಕ ಅಳತೆ ಕುರಿತು ಎಚ್ಚರಿಕೆ ವಹಿಸಬೇಕು. ಖರೀದಿಸುವ ವಸ್ತುಗಳಿಗೆ ರಸೀದಿ ಪಡೆಯುವುದು ಗ್ರಾಹಕರ ಕರ್ತವ್ಯವಾಗಿದೆ. ವಂಚನೆಗೆ ಒಳಗಾದಾಗ ಗ್ರಾಹಕ ವ್ಯಾಜ್ಯ ಪರಿಹಾರ ಆಯೋಗಕ್ಕೆ ದೂರು ನೀಡಬಹುದು ಎಂದರು. ಕಾರ್ಯಕ್ರಮದಲ್ಲಿ ವಿವಿಧ ಇಲಾಖೆಗಳ ಅಧಿಕಾರಿಗಳು ಉಪಸ್ಥಿತರಿದ್ದರು.

ಬೆಂಗಳೂರು: ಗ್ರಾಹಕ ಚಳವಳಿ ಗ್ರಾಹಕರಿಗೆ ಹಕ್ಕಿನ ಜೊತೆಗೆ ಜವಾಬ್ದಾರಿಯೂ ಇದೆ. ಗ್ರಾಹಕರು ತಮ್ಮ ಹಕ್ಕುಗಳನ್ನು ಅರಿತುಕೊಂಡು ಜಾಗೃತರಾಗಬೇಕು ಎಂದು ಕರ್ನಾಟಕ ರಾಜ್ಯ ಆಹಾರ ಆಯೋಗದ ಅಧ್ಯಕ್ಷ ಡಾ.ಎಚ್.ಕೃಷ್ಣ ಹೇಳಿದರು. ರಾಷ್ಟ್ರೀಯ ಗ್ರಾಹಕರ ದಿನಾಚರಣೆ-2024 ಕಾರ್ಯಕ್ರಮದಲ್ಲಿ ಮಾತನಾಡಿದ ಅವರು, ಗ್ರಾಹಕ ಸಂರಕ್ಷಣಾ ಕಾಯ್ದೆ 2019 ಗ್ರಾಹಕರ ಹಿತರಕ್ಷಣೆಗೆ ಸಹಕಾರಿಯಾಗಿದೆ. ಆಹಾರ ಭದ್ರತೆ, ಗುಣಮಟ್ಟ ಹಾಗೂ ಸರಿಯಾದ ತೂಕ ಅಳತೆ ಕುರಿತು ಎಚ್ಚರಿಕೆ ವಹಿಸಬೇಕು. ಖರೀದಿಸುವ ವಸ್ತುಗಳಿಗೆ ರಸೀದಿ ಪಡೆಯುವುದು ಗ್ರಾಹಕರ ಕರ್ತವ್ಯವಾಗಿದೆ. ವಂಚನೆಗೆ ಒಳಗಾದಾಗ ಗ್ರಾಹಕ ವ್ಯಾಜ್ಯ ಪರಿಹಾರ ಆಯೋಗಕ್ಕೆ ದೂರು ನೀಡಬಹುದು ಎಂದರು. ಕಾರ್ಯಕ್ರಮದಲ್ಲಿ ವಿವಿಧ ಇಲಾಖೆಗಳ ಅಧಿಕಾರಿಗಳು ಉಪಸ್ಥಿತರಿದ್ದರು.

ಬೆಂಗಳೂರು: ಗ್ರಾಹಕ ಚಳವಳಿ ಗ್ರಾಹಕರಿಗೆ ಹಕ್ಕಿನ ಜೊತೆಗೆ ಜವಾಬ್ದಾರಿಯೂ ಇದೆ. ಗ್ರಾಹಕರು ತಮ್ಮ ಹಕ್ಕುಗಳನ್ನು ಅರಿತುಕೊಂಡು ಜಾಗೃತರಾಗಬೇಕು ಎಂದು ಕರ್ನಾಟಕ ರಾಜ್ಯ ಆಹಾರ ಆಯೋಗದ ಅಧ್ಯಕ್ಷ ಡಾ.ಎಚ್.ಕೃಷ್ಣ ಹೇಳಿದರು. ರಾಷ್ಟ್ರೀಯ ಗ್ರಾಹಕರ ದಿನಾಚರಣೆ-2024 ಕಾರ್ಯಕ್ರಮದಲ್ಲಿ ಮಾತನಾಡಿದ ಅವರು, ಗ್ರಾಹಕ ಸಂರಕ್ಷಣಾ ಕಾಯ್ದೆ 2019 ಗ್ರಾಹಕರ ಹಿತರಕ್ಷಣೆಗೆ ಸಹಕಾರಿಯಾಗಿದೆ. ಆಹಾರ ಭದ್ರತೆ, ಗುಣಮಟ್ಟ ಹಾಗೂ ಸರಿಯಾದ ತೂಕ ಅಳತೆ ಕುರಿತು ಎಚ್ಚರಿಕೆ ವಹಿಸಬೇಕು. ಖರೀದಿಸುವ ವಸ್ತುಗಳಿಗೆ ರಸೀದಿ ಪಡೆಯುವುದು ಗ್ರಾಹಕರ ಕರ್ತವ್ಯವಾಗಿದೆ. ವಂಚನೆಗೆ ಒಳಗಾದಾಗ ಗ್ರಾಹಕ ವ್ಯಾಜ್ಯ ಪರಿಹಾರ ಆಯೋಗಕ್ಕೆ ದೂರು ನೀಡಬಹುದು ಎಂದರು. ಕಾರ್ಯಕ್ರಮದಲ್ಲಿ ವಿವಿಧ ಇಲಾಖೆಗಳ ಅಧಿಕಾರಿಗಳು ಉಪಸ್ಥಿತರಿದ್ದರು.
